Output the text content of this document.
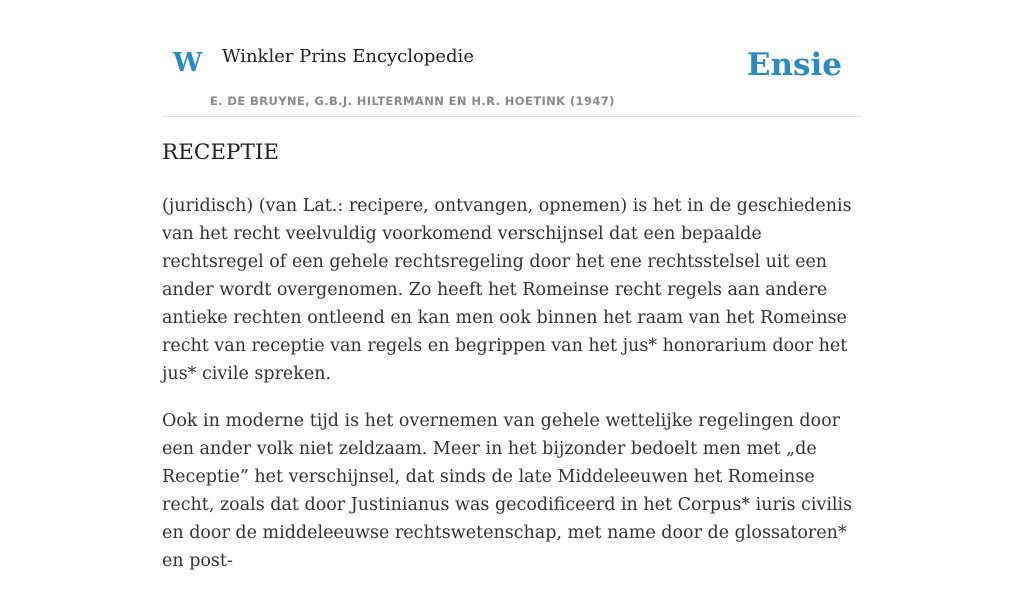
W Winkler Prins Encyclopedie
E. DE BRUYNE, G.B.J. HILTERMANN EN H.R. HOETINK (1947)
Ensie
RECEPTIE

(juridisch) (van Lat.: recipere, ontvangen, opnemen) is het in de geschiedenis van het recht veelvuldig voorkomend verschijnsel dat een bepaalde rechtsregel of een gehele rechtsregeling door het ene rechtsstelsel uit een ander wordt overgenomen. Zo heeft het Romeinse recht regels aan andere antieke rechten ontleend en kan men ook binnen het raam van het Romeinse recht van receptie van regels en begrippen van het jus* honorarium door het jus* civile spreken.

Ook in moderne tijd is het overnemen van gehele wettelijke regelingen door een ander volk niet zeldzaam. Meer in het bijzonder bedoelt men met „de Receptie” het verschijnsel, dat sinds de late Middeleeuwen het Romeinse recht, zoals dat door Justinianus was gecodificeerd in het Corpus* iuris civilis en door de middeleeuwse rechtswetenschap, met name door de glossatoren* en post-
